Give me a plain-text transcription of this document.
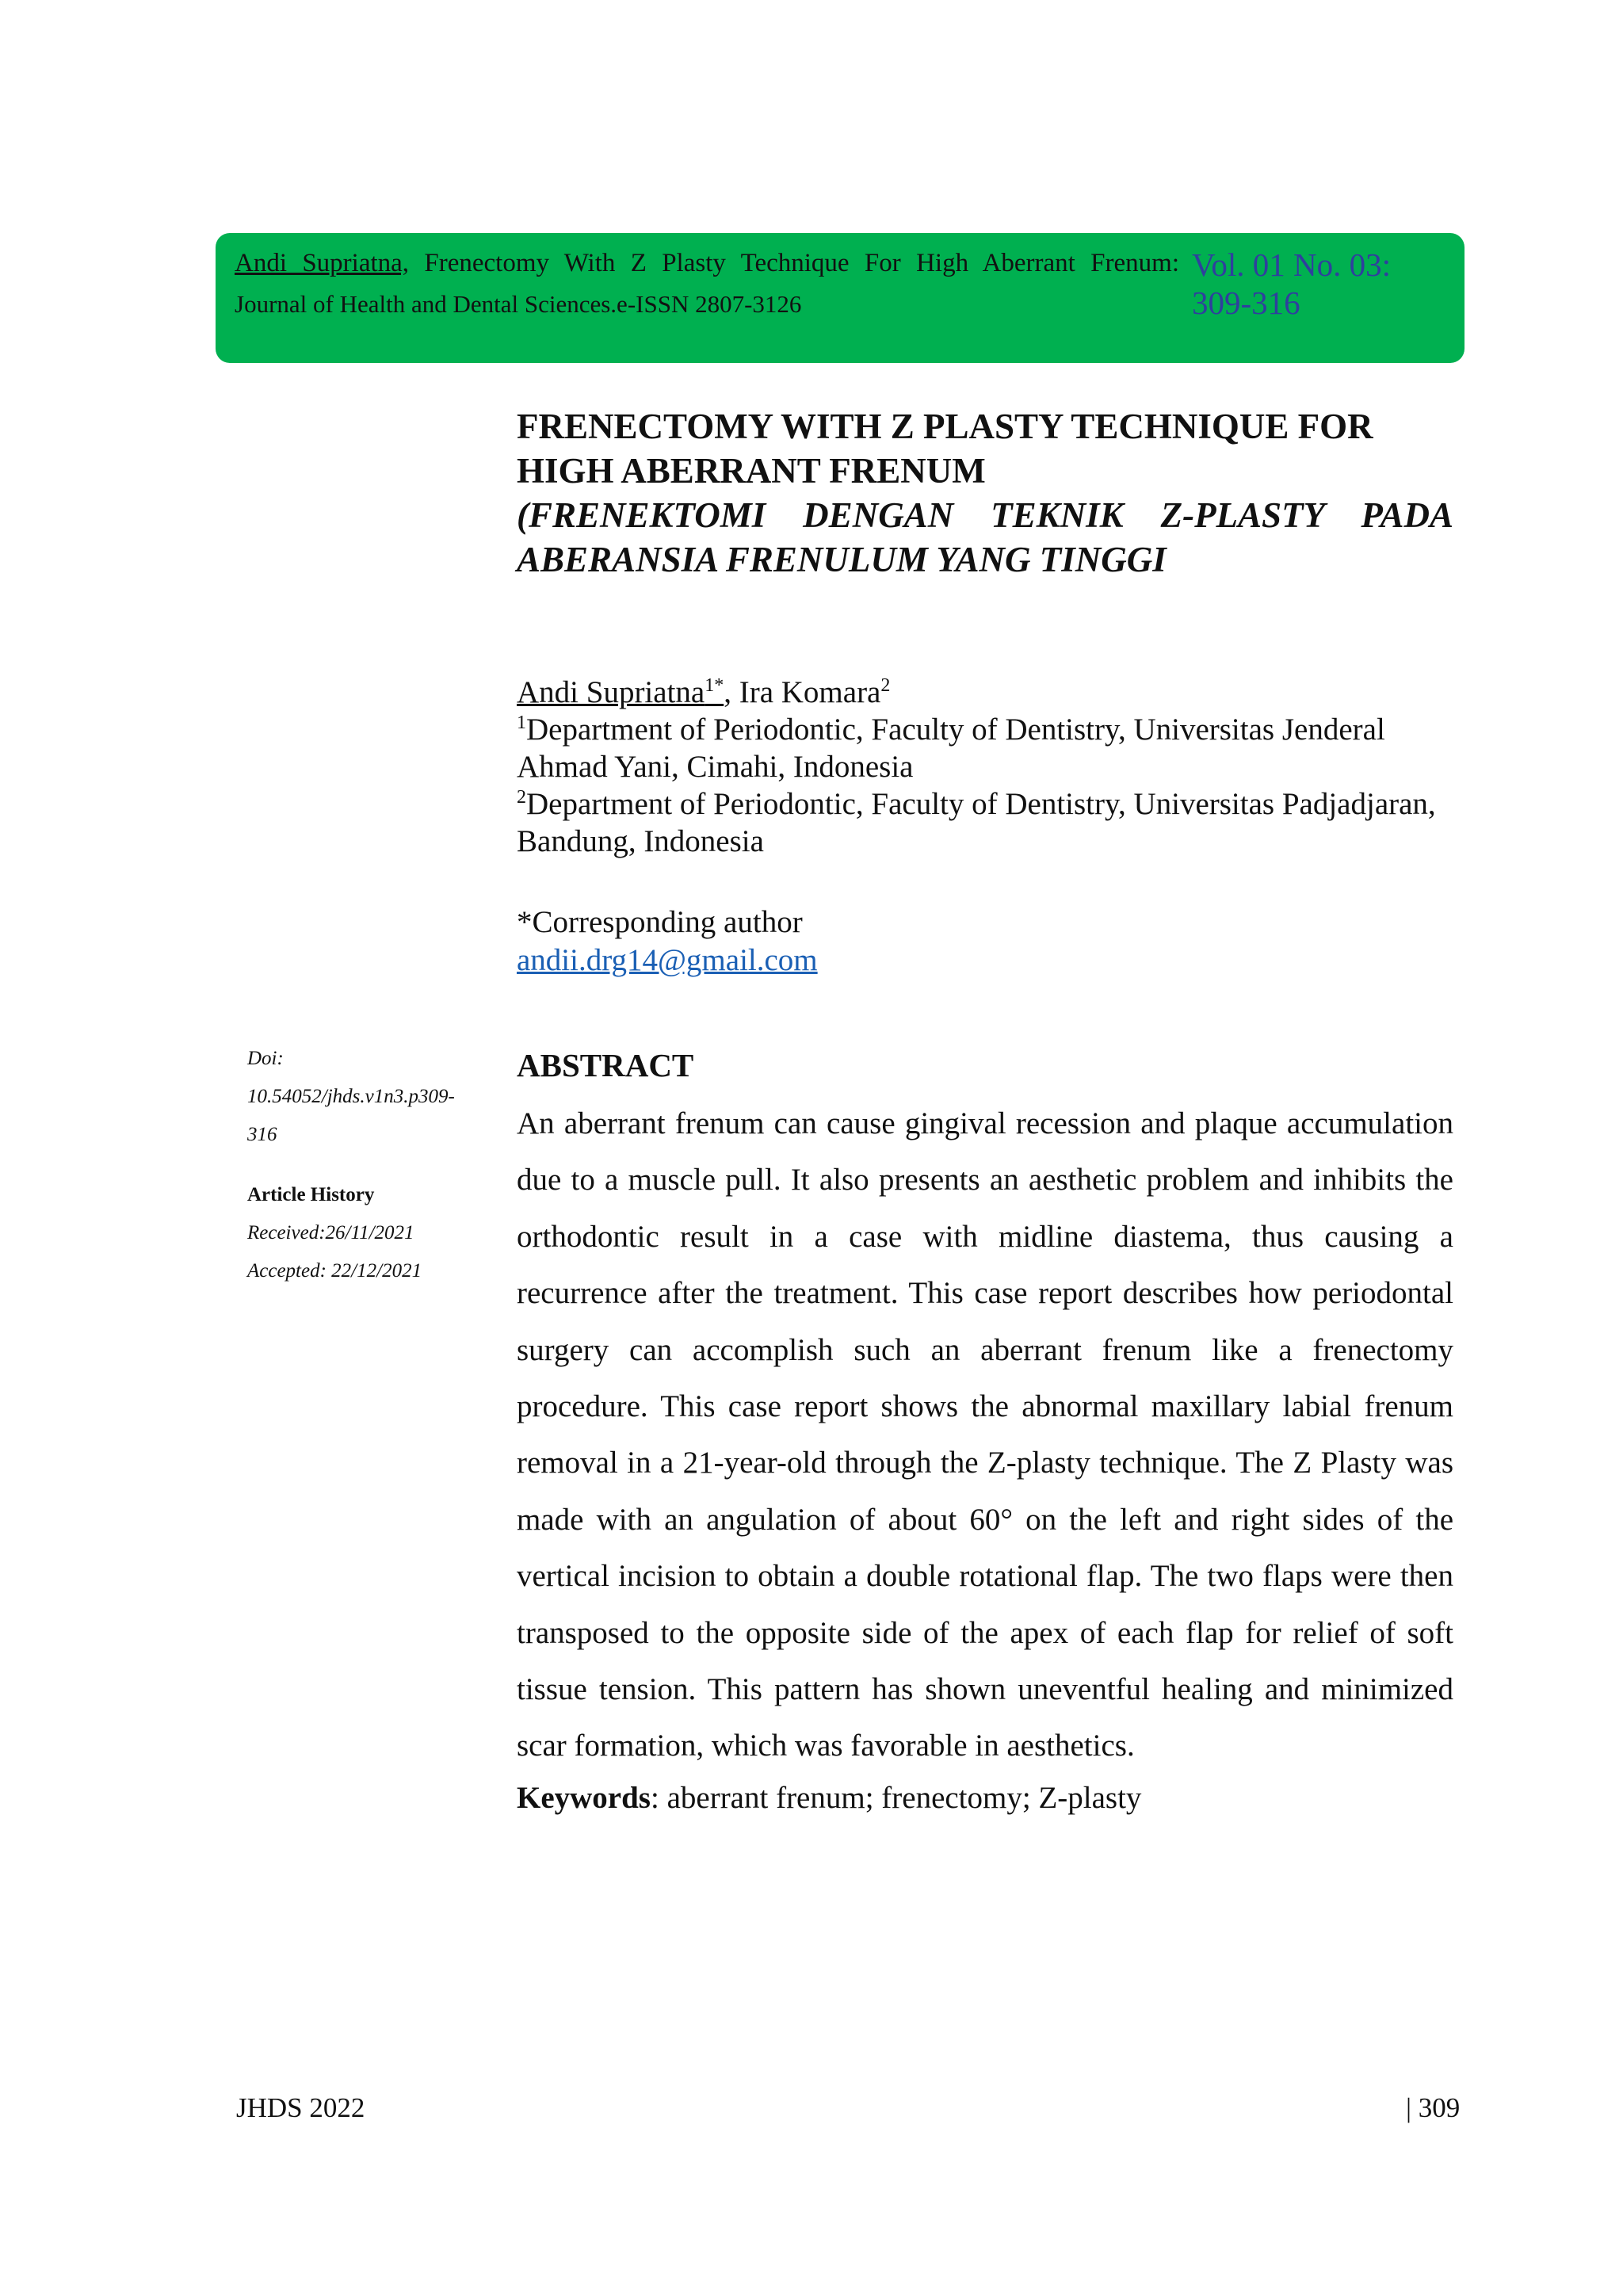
Andi Supriatna, Frenectomy With Z Plasty Technique For High Aberrant Frenum:
Journal of Health and Dental Sciences.e-ISSN 2807-3126
Vol. 01 No. 03:
309-316
FRENECTOMY WITH Z PLASTY TECHNIQUE FOR
HIGH ABERRANT FRENUM
(FRENEKTOMI DENGAN TEKNIK Z-PLASTY PADA
ABERANSIA FRENULUM YANG TINGGI
Andi Supriatna$^{1*}$, Ira Komara$^2$
$^1$Department of Periodontic, Faculty of Dentistry, Universitas Jenderal Ahmad Yani, Cimahi, Indonesia
$^2$Department of Periodontic, Faculty of Dentistry, Universitas Padjadjaran, Bandung, Indonesia
*Corresponding author
andii.drg14@gmail.com
Doi:
10.54052/jhds.v1n3.p309-
316
Article History
Received:26/11/2021
Accepted: 22/12/2021
ABSTRACT

An aberrant frenum can cause gingival recession and plaque accumulation due to a muscle pull. It also presents an aesthetic problem and inhibits the orthodontic result in a case with midline diastema, thus causing a recurrence after the treatment. This case report describes how periodontal surgery can accomplish such an aberrant frenum like a frenectomy procedure. This case report shows the abnormal maxillary labial frenum removal in a 21-year-old through the Z-plasty technique. The Z Plasty was made with an angulation of about 60° on the left and right sides of the vertical incision to obtain a double rotational flap. The two flaps were then transposed to the opposite side of the apex of each flap for relief of soft tissue tension. This pattern has shown uneventful healing and minimized scar formation, which was favorable in aesthetics.

Keywords: aberrant frenum; frenectomy; Z-plasty
JHDS 2022	| 309
